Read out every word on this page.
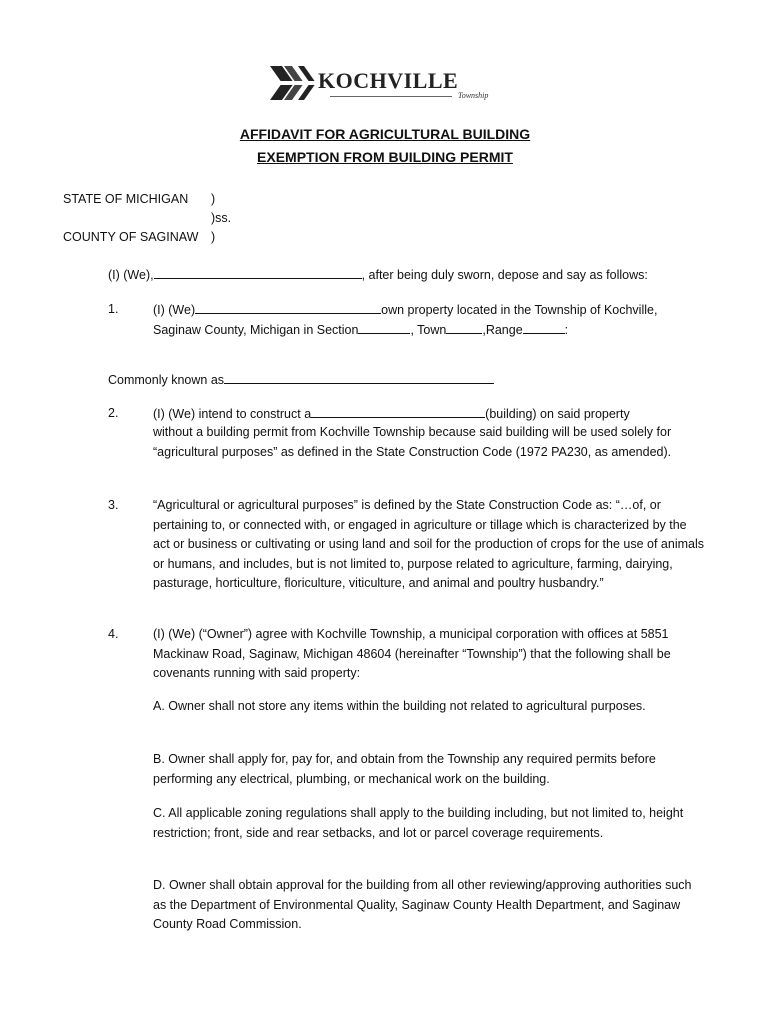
KOCHVILLE
Township
AFFIDAVIT FOR AGRICULTURAL BUILDING
EXEMPTION FROM BUILDING PERMIT
STATE OF MICHIGAN )
)ss.
COUNTY OF SAGINAW )
(I) (We),	, after being duly sworn, depose and say as follows:
1.	(I) (We)	own property located in the Township of Kochville,
Saginaw County, Michigan in Section	, Town	,Range	:
Commonly known as
2.	(I) (We) intend to construct a	(building) on said property
without a building permit from Kochville Township because said building will be used solely for “agricultural purposes” as defined in the State Construction Code (1972 PA230, as amended).
3.	“Agricultural or agricultural purposes” is defined by the State Construction Code as: “…of, or pertaining to, or connected with, or engaged in agriculture or tillage which is characterized by the act or business or cultivating or using land and soil for the production of crops for the use of animals or humans, and includes, but is not limited to, purpose related to agriculture, farming, dairying, pasturage, horticulture, floriculture, viticulture, and animal and poultry husbandry.”
4.	(I) (We) (“Owner”) agree with Kochville Township, a municipal corporation with offices at 5851 Mackinaw Road, Saginaw, Michigan 48604 (hereinafter “Township”) that the following shall be covenants running with said property:
A. Owner shall not store any items within the building not related to agricultural purposes.
B. Owner shall apply for, pay for, and obtain from the Township any required permits before performing any electrical, plumbing, or mechanical work on the building.
C. All applicable zoning regulations shall apply to the building including, but not limited to, height restriction; front, side and rear setbacks, and lot or parcel coverage requirements.
D. Owner shall obtain approval for the building from all other reviewing/approving authorities such as the Department of Environmental Quality, Saginaw County Health Department, and Saginaw County Road Commission.
